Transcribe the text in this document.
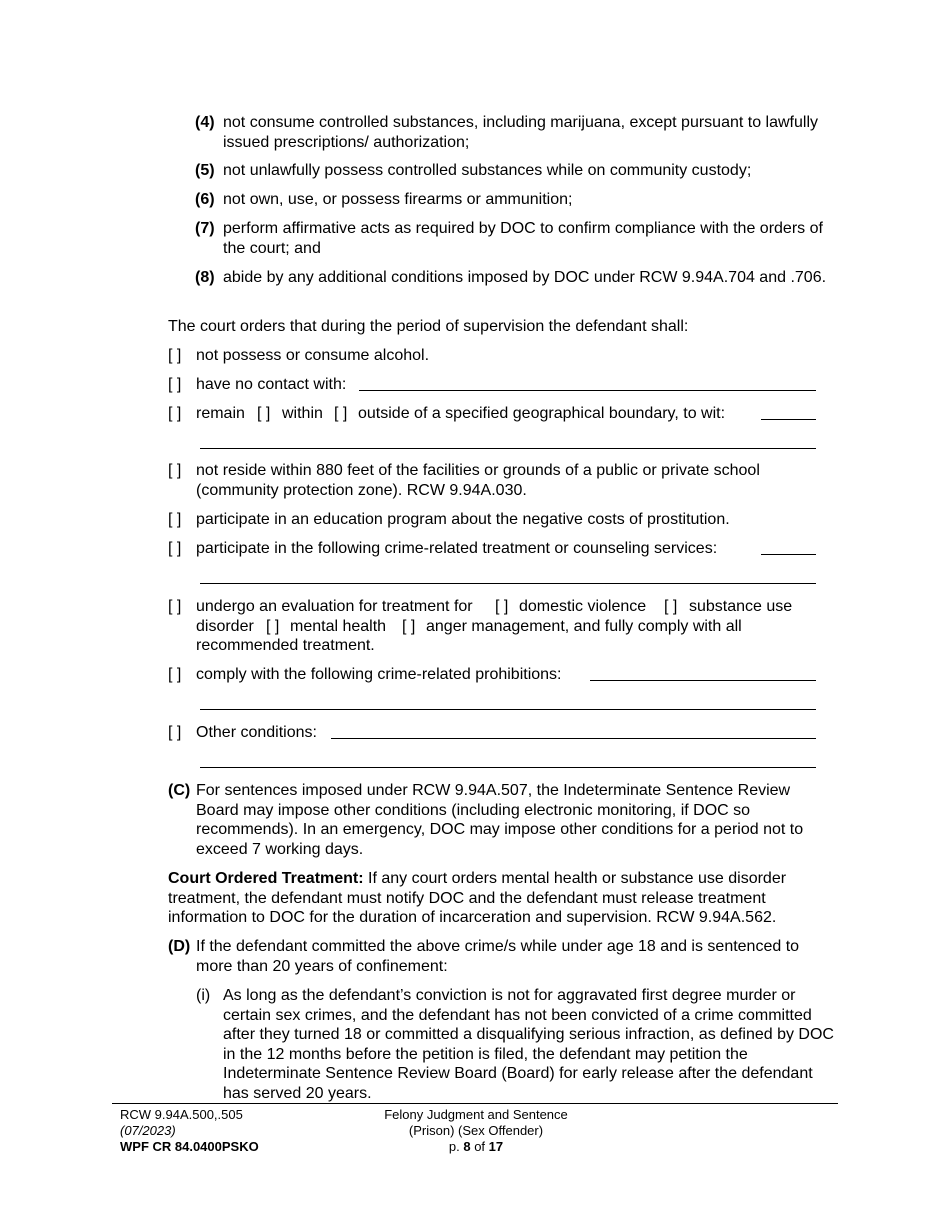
(4) not consume controlled substances, including marijuana, except pursuant to lawfully issued prescriptions/ authorization;
(5) not unlawfully possess controlled substances while on community custody;
(6) not own, use, or possess firearms or ammunition;
(7) perform affirmative acts as required by DOC to confirm compliance with the orders of the court; and
(8) abide by any additional conditions imposed by DOC under RCW 9.94A.704 and .706.
The court orders that during the period of supervision the defendant shall:
[ ] not possess or consume alcohol.
[ ] have no contact with:
[ ] remain [ ] within [ ] outside of a specified geographical boundary, to wit:
[ ] not reside within 880 feet of the facilities or grounds of a public or private school (community protection zone). RCW 9.94A.030.
[ ] participate in an education program about the negative costs of prostitution.
[ ] participate in the following crime-related treatment or counseling services:
[ ] undergo an evaluation for treatment for [ ] domestic violence [ ] substance use
disorder [ ] mental health [ ] anger management, and fully comply with all
recommended treatment.
[ ] comply with the following crime-related prohibitions:
[ ] Other conditions:
(C) For sentences imposed under RCW 9.94A.507, the Indeterminate Sentence Review Board may impose other conditions (including electronic monitoring, if DOC so recommends). In an emergency, DOC may impose other conditions for a period not to exceed 7 working days.
Court Ordered Treatment: If any court orders mental health or substance use disorder treatment, the defendant must notify DOC and the defendant must release treatment information to DOC for the duration of incarceration and supervision. RCW 9.94A.562.
(D) If the defendant committed the above crime/s while under age 18 and is sentenced to more than 20 years of confinement:
(i) As long as the defendant’s conviction is not for aggravated first degree murder or certain sex crimes, and the defendant has not been convicted of a crime committed after they turned 18 or committed a disqualifying serious infraction, as defined by DOC in the 12 months before the petition is filed, the defendant may petition the Indeterminate Sentence Review Board (Board) for early release after the defendant has served 20 years.
RCW 9.94A.500,.505
(07/2023)
WPF CR 84.0400PSKO
Felony Judgment and Sentence
(Prison) (Sex Offender)
p. 8 of 17
